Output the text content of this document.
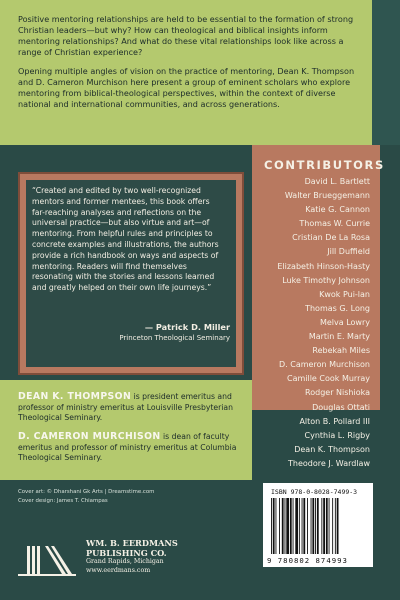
Positive mentoring relationships are held to be essential to the formation of strong Christian leaders—but why? How can theological and biblical insights inform mentoring relationships? And what do these vital relationships look like across a range of Christian experience?

Opening multiple angles of vision on the practice of mentoring, Dean K. Thompson and D. Cameron Murchison here present a group of eminent scholars who explore mentoring from biblical-theological perspectives, within the context of diverse national and international communities, and across generations.

“Created and edited by two well-recognized mentors and former mentees, this book offers far-reaching analyses and reflections on the universal practice—but also virtue and art—of mentoring. From helpful rules and principles to concrete examples and illustrations, the authors provide a rich handbook on ways and aspects of mentoring. Readers will find themselves resonating with the stories and lessons learned and greatly helped on their own life journeys.”
— Patrick D. Miller
Princeton Theological Seminary
CONTRIBUTORS
David L. Bartlett
Walter Brueggemann
Katie G. Cannon
Thomas W. Currie
Cristian De La Rosa
Jill Duffield
Elizabeth Hinson-Hasty
Luke Timothy Johnson
Kwok Pui-lan
Thomas G. Long
Melva Lowry
Martin E. Marty
Rebekah Miles
D. Cameron Murchison
Camille Cook Murray
Rodger Nishioka
Douglas Ottati
Alton B. Pollard III
Cynthia L. Rigby
Dean K. Thompson
Theodore J. Wardlaw
DEAN K. THOMPSON is president emeritus and professor of ministry emeritus at Louisville Presbyterian Theological Seminary.
D. CAMERON MURCHISON is dean of faculty emeritus and professor of ministry emeritus at Columbia Theological Seminary.
Cover art: © Dharshani Gk Arts | Dreamstime.com
Cover design: James T. Chiampas
WM. B. EERDMANS
PUBLISHING CO.
Grand Rapids, Michigan
www.eerdmans.com
ISBN 978-0-8028-7499-3
9 780802 874993
